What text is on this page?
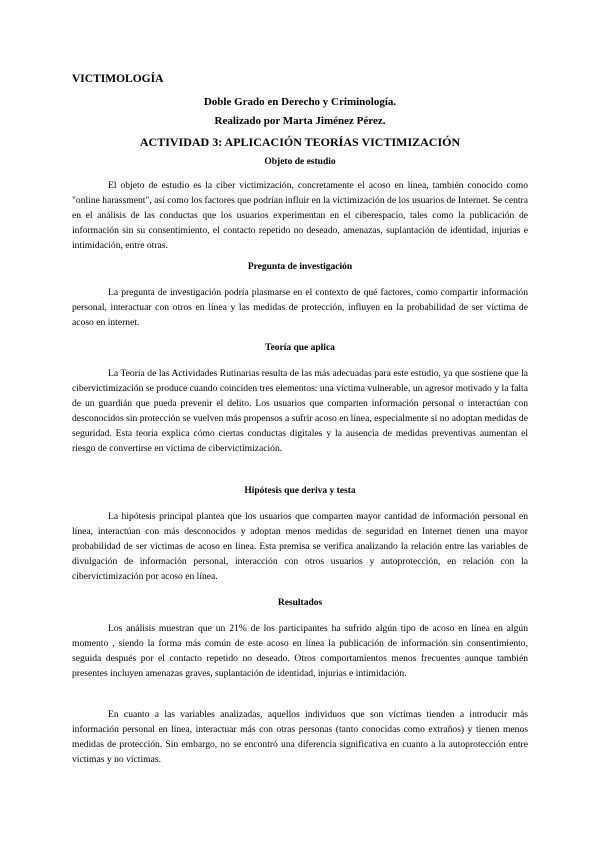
VICTIMOLOGÍA
Doble Grado en Derecho y Criminología.
Realizado por Marta Jiménez Pérez.
ACTIVIDAD 3: APLICACIÓN TEORÍAS VICTIMIZACIÓN
Objeto de estudio

El objeto de estudio es la ciber victimización, concretamente el acoso en línea, también conocido como "online harassment", así como los factores que podrían influir en la victimización de los usuarios de Internet. Se centra en el análisis de las conductas que los usuarios experimentan en el ciberespacio, tales como la publicación de información sin su consentimiento, el contacto repetido no deseado, amenazas, suplantación de identidad, injurias e intimidación, entre otras.

Pregunta de investigación

La pregunta de investigación podría plasmarse en el contexto de qué factores, como compartir información personal, interactuar con otros en línea y las medidas de protección, influyen en la probabilidad de ser víctima de acoso en internet.

Teoría que aplica

La Teoría de las Actividades Rutinarias resulta de las más adecuadas para este estudio, ya que sostiene que la cibervictimización se produce cuando coinciden tres elementos: una víctima vulnerable, un agresor motivado y la falta de un guardián que pueda prevenir el delito. Los usuarios que comparten información personal o interactúan con desconocidos sin protección se vuelven más propensos a sufrir acoso en línea, especialmente si no adoptan medidas de seguridad. Esta teoría explica cómo ciertas conductas digitales y la ausencia de medidas preventivas aumentan el riesgo de convertirse en víctima de cibervictimización.

Hipótesis que deriva y testa

La hipótesis principal plantea que los usuarios que comparten mayor cantidad de información personal en línea, interactúan con más desconocidos y adoptan menos medidas de seguridad en Internet tienen una mayor probabilidad de ser víctimas de acoso en línea. Esta premisa se verifica analizando la relación entre las variables de divulgación de información personal, interacción con otros usuarios y autoprotección, en relación con la cibervictimización por acoso en línea.

Resultados

Los análisis muestran que un 21% de los participantes ha sufrido algún tipo de acoso en línea en algún momento , siendo la forma más común de este acoso en línea la publicación de información sin consentimiento, seguida después por el contacto repetido no deseado. Otros comportamientos menos frecuentes aunque también presentes incluyen amenazas graves, suplantación de identidad, injurias e intimidación.

En cuanto a las variables analizadas, aquellos individuos que son víctimas tienden a introducir más información personal en línea, interactuar más con otras personas (tanto conocidas como extraños) y tienen menos medidas de protección. Sin embargo, no se encontró una diferencia significativa en cuanto a la autoprotección entre víctimas y no víctimas.
